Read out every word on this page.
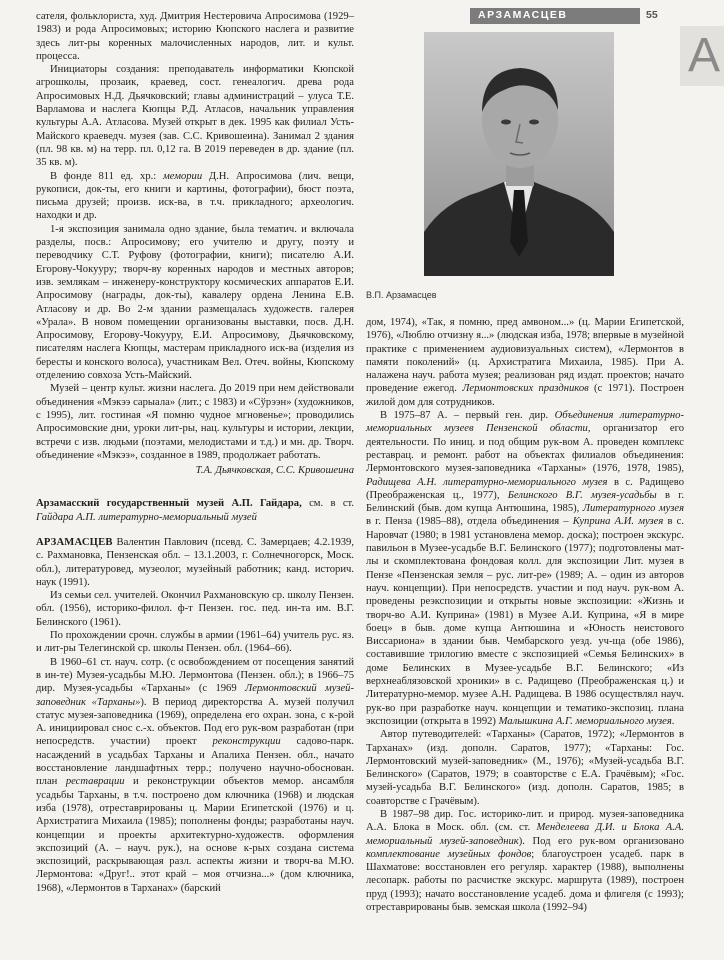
АРЗАМАСЦЕВ	55
А

сателя, фольклориста, худ. Дмитрия Нестеровича Апросимова (1929–1983) и рода Апросимовых; историю Кюпского наслега и развитие здесь лит-ры коренных малочисленных народов, лит. и культ. процесса.

Инициаторы создания: преподаватель информатики Кюпской агрошколы, прозаик, краевед, сост. генеалогич. древа рода Апросимовых Н.Д. Дьячковский; главы администраций – улуса Т.Е. Варламова и наслега Кюпцы Р.Д. Атласов, начальник управления культуры А.А. Атласова. Музей открыт в дек. 1995 как филиал Усть-Майского краеведч. музея (зав. С.С. Кривошеина). Занимал 2 здания (пл. 98 кв. м) на терр. пл. 0,12 га. В 2019 переведен в др. здание (пл. 35 кв. м).

В фонде 811 ед. хр.: мемории Д.Н. Апросимова (лич. вещи, рукописи, док-ты, его книги и картины, фотографии), бюст поэта, письма друзей; произв. иск-ва, в т.ч. прикладного; археологич. находки и др.

1-я экспозиция занимала одно здание, была тематич. и включала разделы, посв.: Апросимову; его учителю и другу, поэту и переводчику С.Т. Руфову (фотографии, книги); писателю А.И. Егорову-Чокууру; творч-ву коренных народов и местных авторов; изв. землякам – инженеру-конструктору космических аппаратов Е.И. Апросимову (награды, док-ты), кавалеру ордена Ленина Е.В. Атласову и др. Во 2-м здании размещалась художеств. галерея «Уралa». В новом помещении организованы выставки, посв. Д.Н. Апросимову, Егорову-Чокууру, Е.И. Апросимову, Дьячковскому, писателям наслега Кюпцы, мастерам прикладного иск-ва (изделия из бересты и конского волоса), участникам Вел. Отеч. войны, Кюпскому отделению совхоза Усть-Майский.

Музей – центр культ. жизни наслега. До 2019 при нем действовали объединения «Мэкээ сарыала» (лит.; с 1983) и «Сўрээн» (художников, с 1995), лит. гостиная «Я помню чудное мгновенье»; проводились Апросимовские дни, уроки лит-ры, нац. культуры и истории, лекции, встречи с изв. людьми (поэтами, мелодистами и т.д.) и мн. др. Творч. объединение «Мэкээ», созданное в 1989, продолжает работать.

Т.А. Дьячковская, С.С. Кривошеина

Арзамасский государственный музей А.П. Гайдара, см. в ст. Гайдара А.П. литературно-мемориальный музей

АРЗАМАСЦЕВ Валентин Павлович (псевд. С. Замерцаев; 4.2.1939, с. Рахмановка, Пензенская обл. – 13.1.2003, г. Солнечногорск, Моск. обл.), литературовед, музеолог, музейный работник; канд. историч. наук (1991).

Из семьи сел. учителей. Окончил Рахмановскую ср. школу Пензен. обл. (1956), историко-филол. ф-т Пензен. гос. пед. ин-та им. В.Г. Белинского (1961).

По прохождении срочн. службы в армии (1961–64) учитель рус. яз. и лит-ры Телегинской ср. школы Пензен. обл. (1964–66).

В 1960–61 ст. науч. сотр. (с освобождением от посещения занятий в ин-те) Музея-усадьбы М.Ю. Лермонтова (Пензен. обл.); в 1966–75 дир. Музея-усадьбы «Тарханы» (с 1969 Лермонтовский музей-заповедник «Тарханы»). В период директорства А. музей получил статус музея-заповедника (1969), определена его охран. зона, с к-рой А. инициировал снос с.-х. объектов. Под его рук-вом разработан (при непосредств. участии) проект реконструкции садово-парк. насаждений в усадьбах Тарханы и Апалиха Пензен. обл., начато восстановление ландшафтных терр.; получено научно-обоснован. план реставрации и реконструкции объектов мемор. ансамбля усадьбы Тарханы, в т.ч. построено дом ключника (1968) и людская изба (1978), отреставрированы ц. Марии Египетской (1976) и ц. Архистратига Михаила (1985); пополнены фонды; разработаны науч. концепции и проекты архитектурно-художеств. оформления экспозиций (А. – науч. рук.), на основе к-рых создана система экспозиций, раскрывающая разл. аспекты жизни и творч-ва М.Ю. Лермонтова: «Друг!.. этот край – моя отчизна...» (дом ключника, 1968), «Лермонтов в Тарханах» (барский

В.П. Арзамасцев

дом, 1974), «Так, я помню, пред амвоном...» (ц. Марии Египетской, 1976), «Люблю отчизну я...» (людская изба, 1978; впервые в музейной практике с применением аудиовизуальных систем), «Лермонтов в памяти поколений» (ц. Архистратига Михаила, 1985). При А. налажена науч. работа музея; реализован ряд издат. проектов; начато проведение ежегод. Лермонтовских праздников (с 1971). Построен жилой дом для сотрудников.

В 1975–87 А. – первый ген. дир. Объединения литературно-мемориальных музеев Пензенской области, организатор его деятельности. По иниц. и под общим рук-вом А. проведен комплекс реставрац. и ремонт. работ на объектах филиалов объединения: Лермонтовского музея-заповедника «Тарханы» (1976, 1978, 1985), Радищева А.Н. литературно-мемориального музея в с. Радищево (Преображенская ц., 1977), Белинского В.Г. музея-усадьбы в г. Белинский (быв. дом купца Антюшина, 1985), Литературного музея в г. Пенза (1985–88), отдела объединения – Куприна А.И. музея в с. Наровчат (1980; в 1981 установлена мемор. доска); построен экскурс. павильон в Музее-усадьбе В.Г. Белинского (1977); подготовлены мат-лы и скомплектована фондовая колл. для экспозиции Лит. музея в Пензе «Пензенская земля – рус. лит-ре» (1989; А. – один из авторов науч. концепции). При непосредств. участии и под науч. рук-вом А. проведены реэкспозиции и открыты новые экспозиции: «Жизнь и творч-во А.И. Куприна» (1981) в Музее А.И. Куприна, «Я в мире боец» в быв. доме купца Антюшина и «Юность неистового Виссариона» в здании быв. Чембарского уезд. уч-ща (обе 1986), составившие трилогию вместе с экспозицией «Семья Белинских» в доме Белинских в Музее-усадьбе В.Г. Белинского; «Из верхнеаблязовской хроники» в с. Радищево (Преображенская ц.) и Литературно-мемор. музее А.Н. Радищева. В 1986 осуществлял науч. рук-во при разработке науч. концепции и тематико-экспозиц. плана экспозиции (открыта в 1992) Малышкина А.Г. мемориального музея.

Автор путеводителей: «Тарханы» (Саратов, 1972); «Лермонтов в Тарханах» (изд. дополн. Саратов, 1977); «Тарханы: Гос. Лермонтовский музей-заповедник» (М., 1976); «Музей-усадьба В.Г. Белинского» (Саратов, 1979; в соавторстве с Е.А. Грачёвым); «Гос. музей-усадьба В.Г. Белинского» (изд. дополн. Саратов, 1985; в соавторстве с Грачёвым).

В 1987–98 дир. Гос. историко-лит. и природ. музея-заповедника А.А. Блока в Моск. обл. (см. ст. Менделеева Д.И. и Блока А.А. мемориальный музей-заповедник). Под его рук-вом организовано комплектование музейных фондов; благоустроен усадеб. парк в Шахматове: восстановлен его регуляр. характер (1988), выполнены лесопарк. работы по расчистке экскурс. маршрута (1989), построен пруд (1993); начато восстановление усадеб. дома и флигеля (с 1993); отреставрированы быв. земская школа (1992–94)
